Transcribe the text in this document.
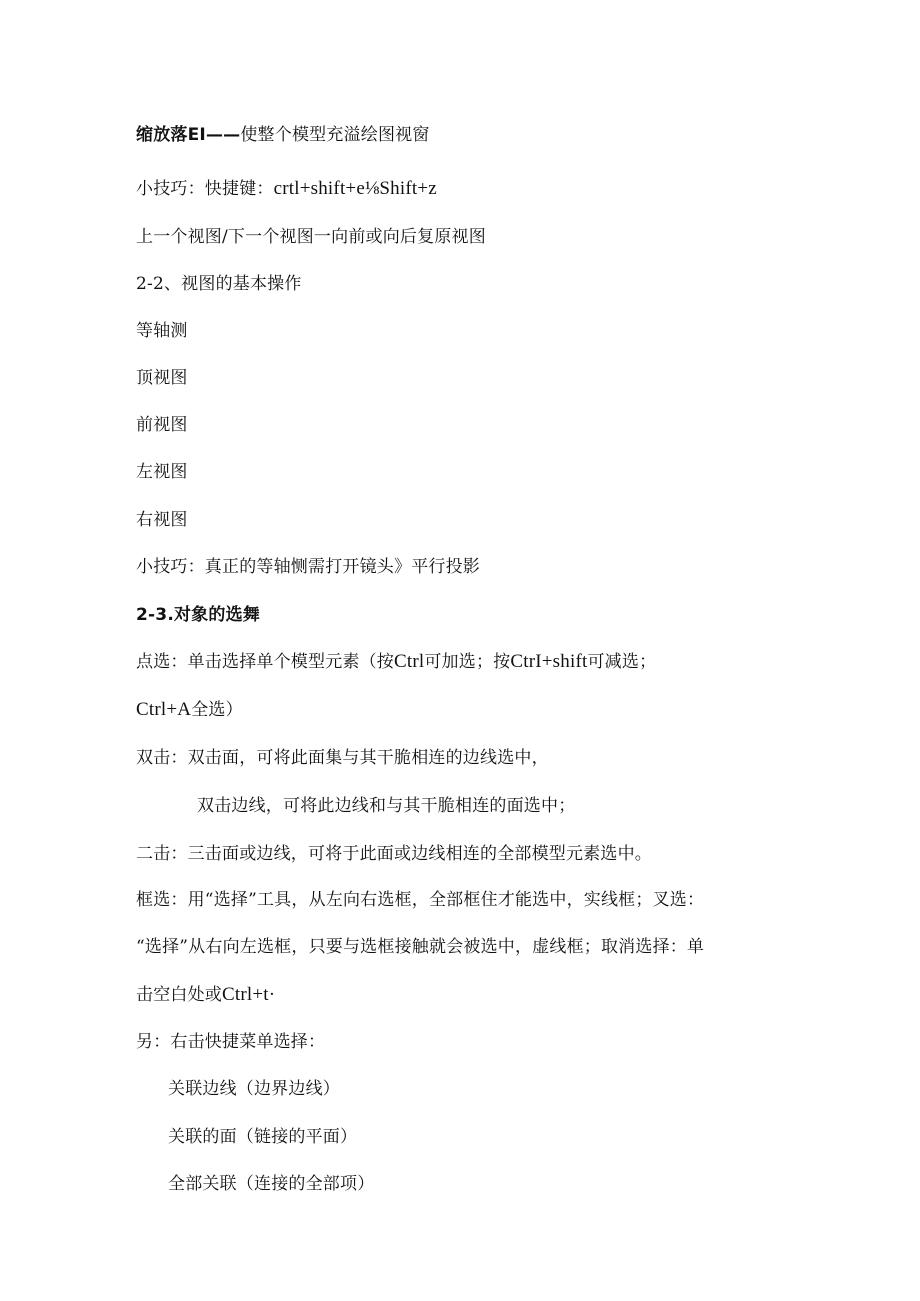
缩放落EI——使整个模型充溢绘图视窗
小技巧：快捷键：crtl+shift+e⅛Shift+z
上一个视图/下一个视图一向前或向后复原视图
2-2、视图的基本操作
等轴测
顶视图
前视图
左视图
右视图
小技巧：真正的等轴恻需打开镜头》平行投影
2-3.对象的选舞
点选：单击选择单个模型元素（按Ctrl可加选；按CtrI+shift可减选；
Ctrl+A全选）
双击：双击面，可将此面集与其干脆相连的边线选中，
双击边线，可将此边线和与其干脆相连的面选中；
二击：三击面或边线，可将于此面或边线相连的全部模型元素选中。
框选：用“选择”工具，从左向右选框，全部框住才能选中，实线框；叉选：
“选择”从右向左选框，只要与选框接触就会被选中，虚线框；取消选择：单
击空白处或Ctrl+t·
另：右击快捷菜单选择：
关联边线（边界边线）
关联的面（链接的平面）
全部关联（连接的全部项）
